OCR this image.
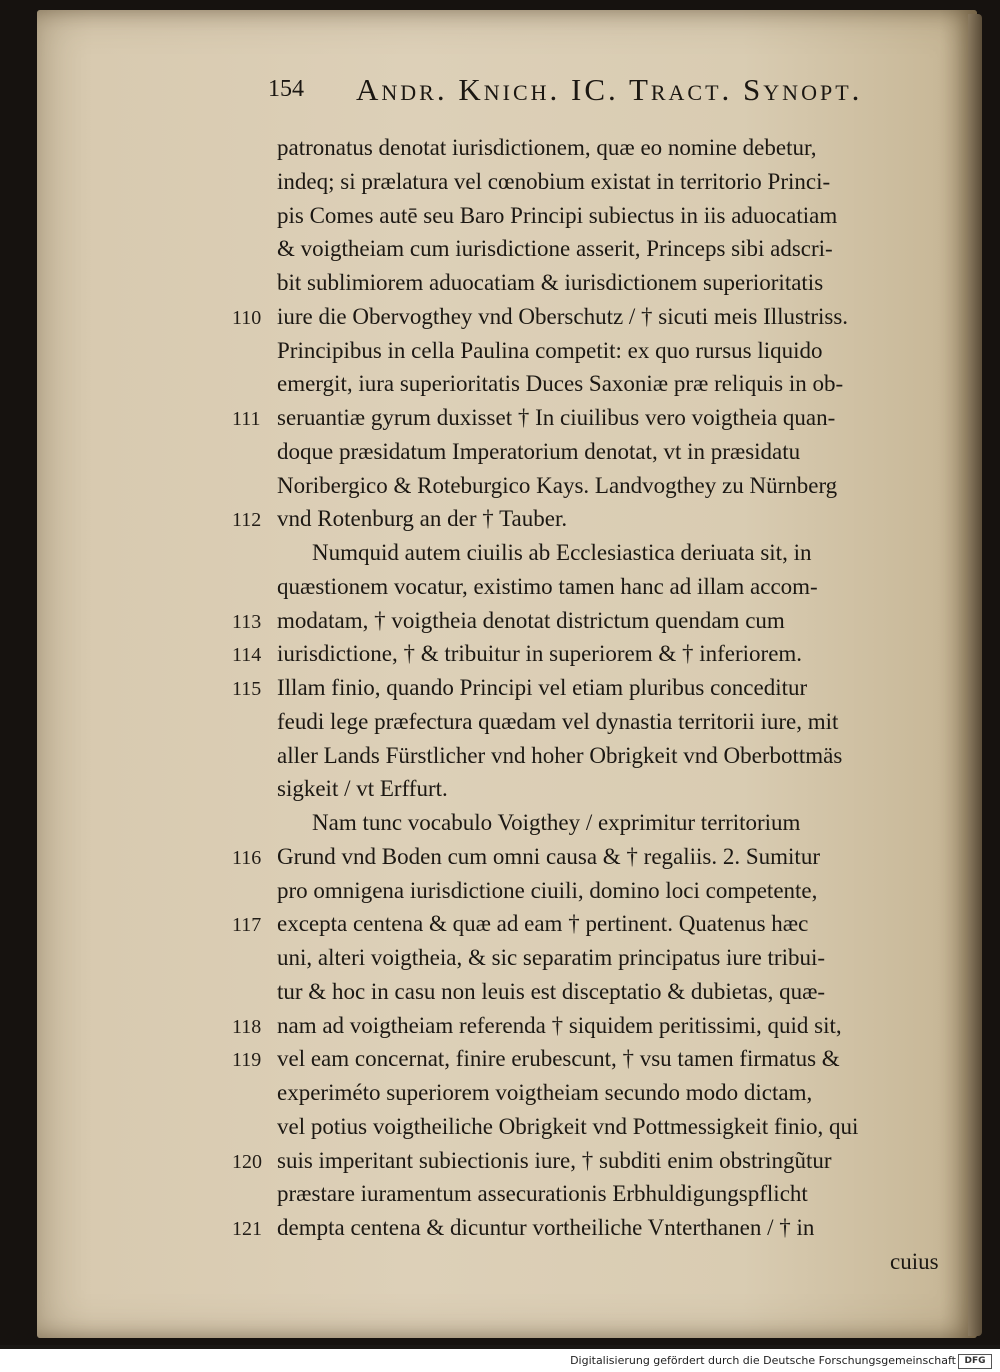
154 Andr. Knich. IC. Tract. Synopt.
patronatus denotat iurisdictionem, quæ eo nomine debetur,
indeq; si prælatura vel cœnobium existat in territorio Princi-
pis Comes autē seu Baro Principi subiectus in iis aduocatiam
& voigtheiam cum iurisdictione asserit, Princeps sibi adscri-
bit sublimiorem aduocatiam & iurisdictionem superioritatis
iure die Obervogthey vnd Oberschutz / † sicuti meis Illustriss.
Principibus in cella Paulina competit: ex quo rursus liquido
emergit, iura superioritatis Duces Saxoniæ præ reliquis in ob-
seruantiæ gyrum duxisset † In ciuilibus vero voigtheia quan-
doque præsidatum Imperatorium denotat, vt in præsidatu
Noribergico & Roteburgico Kays. Landvogthey zu Nürnberg
vnd Rotenburg an der † Tauber.
Numquid autem ciuilis ab Ecclesiastica deriuata sit, in
quæstionem vocatur, existimo tamen hanc ad illam accom-
modatam, † voigtheia denotat districtum quendam cum
iurisdictione, † & tribuitur in superiorem & † inferiorem.
Illam finio, quando Principi vel etiam pluribus conceditur
feudi lege præfectura quædam vel dynastia territorii iure, mit
aller Lands Fürstlicher vnd hoher Obrigkeit vnd Oberbottmäs
sigkeit / vt Erffurt.
Nam tunc vocabulo Voigthey / exprimitur territorium
Grund vnd Boden cum omni causa & † regaliis. 2. Sumitur
pro omnigena iurisdictione ciuili, domino loci competente,
excepta centena & quæ ad eam † pertinent. Quatenus hæc
uni, alteri voigtheia, & sic separatim principatus iure tribui-
tur & hoc in casu non leuis est disceptatio & dubietas, quæ-
nam ad voigtheiam referenda † siquidem peritissimi, quid sit,
vel eam concernat, finire erubescunt, † vsu tamen firmatus &
experiméto superiorem voigtheiam secundo modo dictam,
vel potius voigtheiliche Obrigkeit vnd Pottmessigkeit finio, qui
suis imperitant subiectionis iure, † subditi enim obstringũtur
præstare iuramentum assecurationis Erbhuldigungspflicht
dempta centena & dicuntur vortheiliche Vnterthanen / † in
cuius
110
111
112
113
114
115
116
117
118
119
120
121
Digitalisierung gefördert durch die Deutsche Forschungsgemeinschaft DFG
